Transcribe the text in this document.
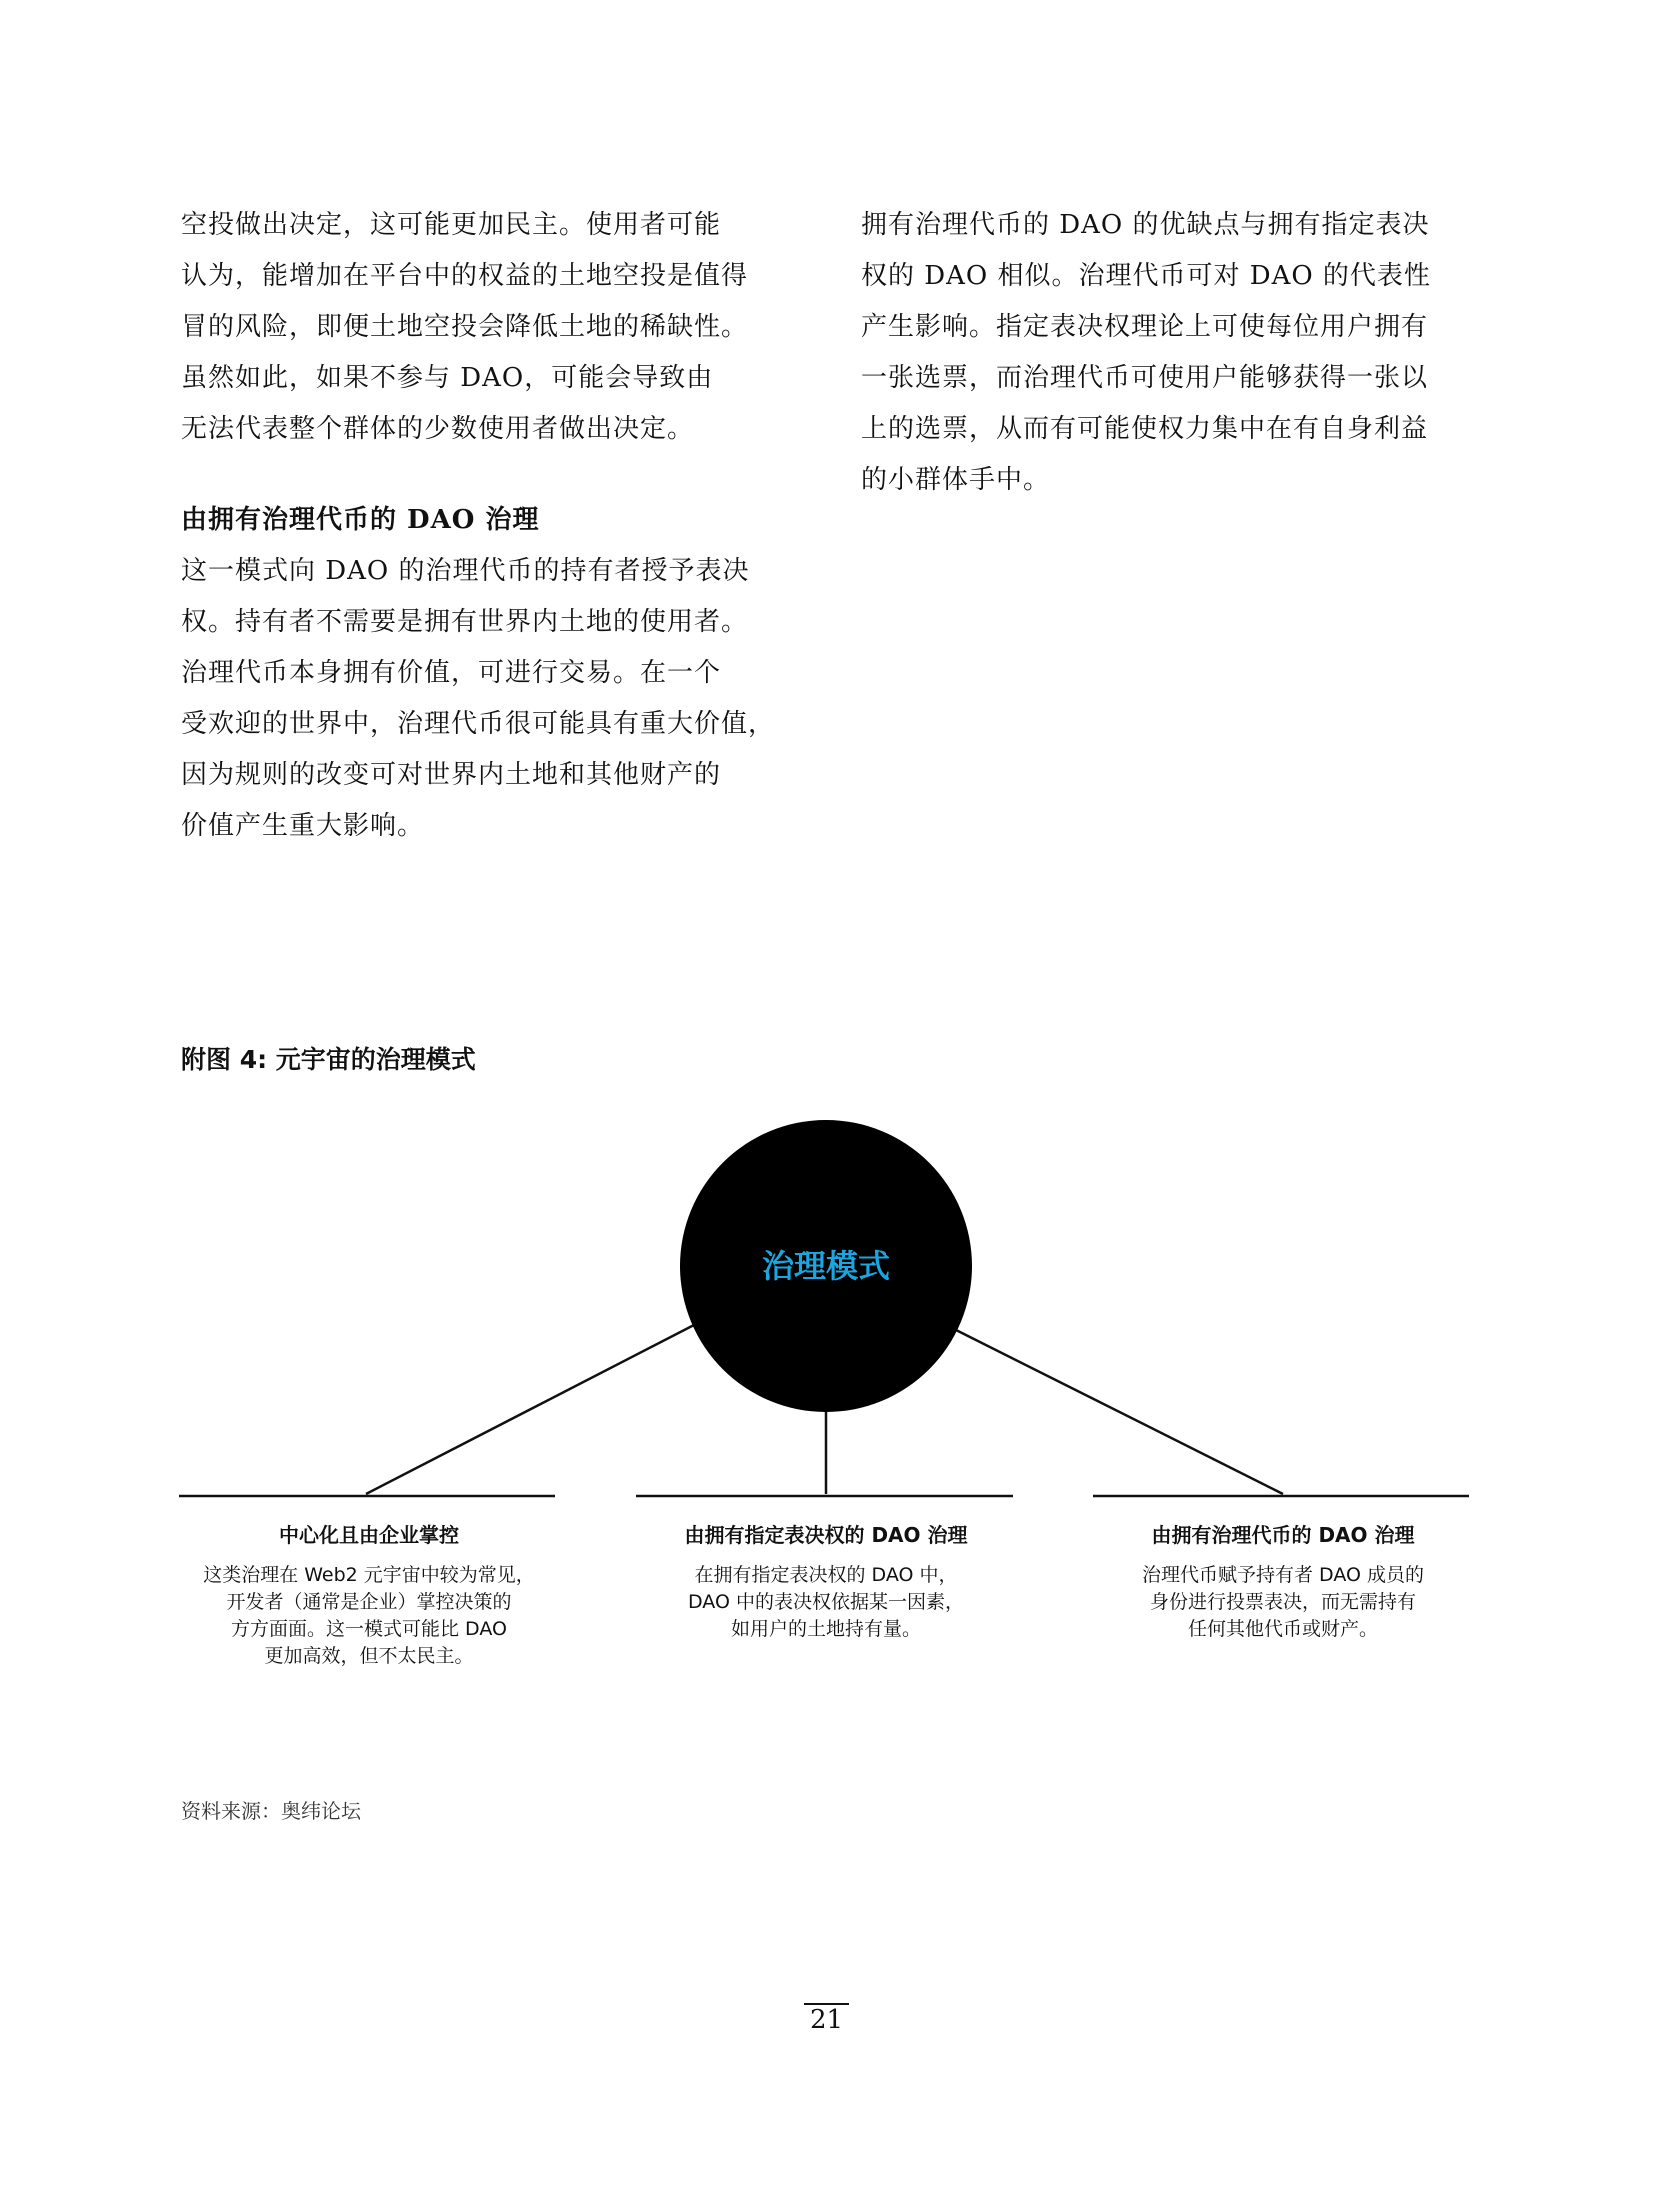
空投做出决定，这可能更加民主。使用者可能
认为，能增加在平台中的权益的土地空投是值得
冒的风险，即便土地空投会降低土地的稀缺性。
虽然如此，如果不参与 DAO，可能会导致由
无法代表整个群体的少数使用者做出决定。

由拥有治理代币的 DAO 治理

这一模式向 DAO 的治理代币的持有者授予表决
权。持有者不需要是拥有世界内土地的使用者。
治理代币本身拥有价值，可进行交易。在一个
受欢迎的世界中，治理代币很可能具有重大价值，
因为规则的改变可对世界内土地和其他财产的
价值产生重大影响。

拥有治理代币的 DAO 的优缺点与拥有指定表决
权的 DAO 相似。治理代币可对 DAO 的代表性
产生影响。指定表决权理论上可使每位用户拥有
一张选票，而治理代币可使用户能够获得一张以
上的选票，从而有可能使权力集中在有自身利益
的小群体手中。

附图 4: 元宇宙的治理模式

治理模式
中心化且由企业掌控
这类治理在 Web2 元宇宙中较为常见，
开发者（通常是企业）掌控决策的
方方面面。这一模式可能比 DAO
更加高效，但不太民主。
由拥有指定表决权的 DAO 治理
在拥有指定表决权的 DAO 中，
DAO 中的表决权依据某一因素，
如用户的土地持有量。
由拥有治理代币的 DAO 治理
治理代币赋予持有者 DAO 成员的
身份进行投票表决，而无需持有
任何其他代币或财产。

资料来源：奥纬论坛

21
